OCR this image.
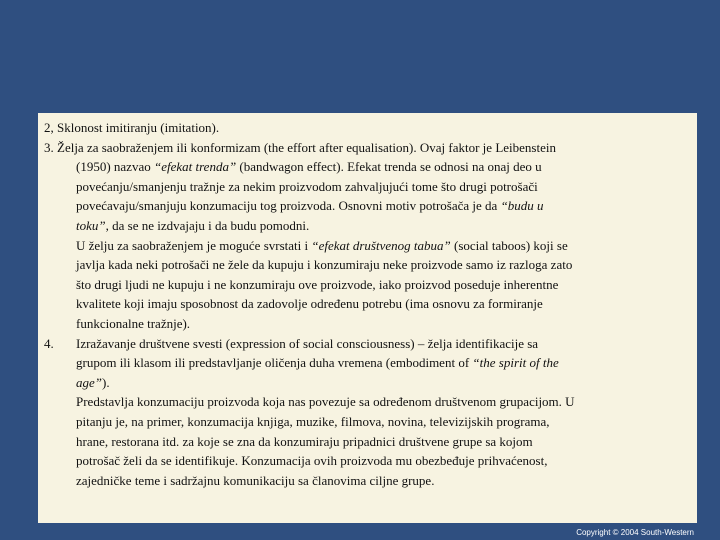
2, Sklonost imitiranju (imitation).
3. Želja za saobraženjem ili konformizam (the effort after equalisation). Ovaj faktor je Leibenstein
(1950) nazvao “efekat trenda” (bandwagon effect). Efekat trenda se odnosi na onaj deo u
povećanju/smanjenju tražnje za nekim proizvodom zahvaljujući tome što drugi potrošači
povećavaju/smanjuju konzumaciju tog proizvoda. Osnovni motiv potrošača je da “budu u
toku”, da se ne izdvajaju i da budu pomodni.
U želju za saobraženjem je moguće svrstati i “efekat društvenog tabua” (social taboos) koji se
javlja kada neki potrošači ne žele da kupuju i konzumiraju neke proizvode samo iz razloga zato
što drugi ljudi ne kupuju i ne konzumiraju ove proizvode, iako proizvod poseduje inherentne
kvalitete koji imaju sposobnost da zadovolje određenu potrebu (ima osnovu za formiranje
funkcionalne tražnje).
4.	Izražavanje društvene svesti (expression of social consciousness) – želja identifikacije sa
grupom ili klasom ili predstavljanje oličenja duha vremena (embodiment of “the spirit of the
age”).
Predstavlja konzumaciju proizvoda koja nas povezuje sa određenom društvenom grupacijom. U
pitanju je, na primer, konzumacija knjiga, muzike, filmova, novina, televizijskih programa,
hrane, restorana itd. za koje se zna da konzumiraju pripadnici društvene grupe sa kojom
potrošač želi da se identifikuje. Konzumacija ovih proizvoda mu obezbeđuje prihvaćenost,
zajedničke teme i sadržajnu komunikaciju sa članovima ciljne grupe.
Copyright © 2004 South-Western
